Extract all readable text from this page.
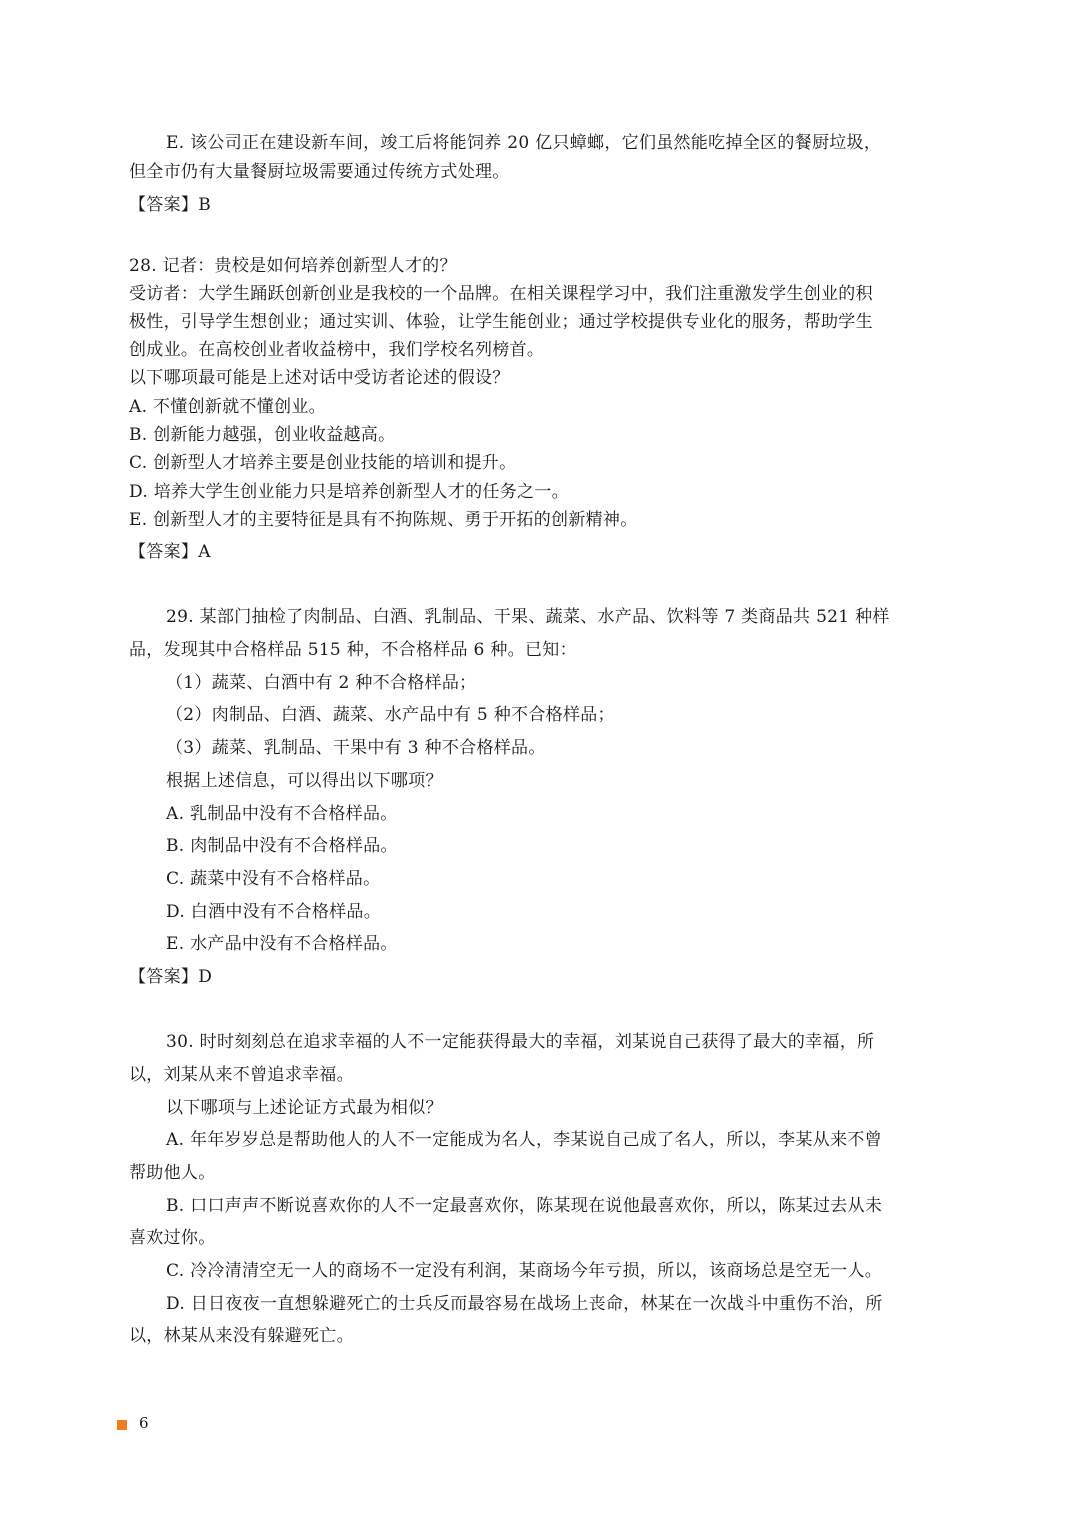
E. 该公司正在建设新车间，竣工后将能饲养 20 亿只蟑螂，它们虽然能吃掉全区的餐厨垃圾，
但全市仍有大量餐厨垃圾需要通过传统方式处理。
【答案】B
28. 记者：贵校是如何培养创新型人才的？
受访者：大学生踊跃创新创业是我校的一个品牌。在相关课程学习中，我们注重激发学生创业的积
极性，引导学生想创业；通过实训、体验，让学生能创业；通过学校提供专业化的服务，帮助学生
创成业。在高校创业者收益榜中，我们学校名列榜首。
以下哪项最可能是上述对话中受访者论述的假设？
A. 不懂创新就不懂创业。
B. 创新能力越强，创业收益越高。
C. 创新型人才培养主要是创业技能的培训和提升。
D. 培养大学生创业能力只是培养创新型人才的任务之一。
E. 创新型人才的主要特征是具有不拘陈规、勇于开拓的创新精神。
【答案】A
29. 某部门抽检了肉制品、白酒、乳制品、干果、蔬菜、水产品、饮料等 7 类商品共 521 种样
品，发现其中合格样品 515 种，不合格样品 6 种。已知：
（1）蔬菜、白酒中有 2 种不合格样品；
（2）肉制品、白酒、蔬菜、水产品中有 5 种不合格样品；
（3）蔬菜、乳制品、干果中有 3 种不合格样品。
根据上述信息，可以得出以下哪项？
A. 乳制品中没有不合格样品。
B. 肉制品中没有不合格样品。
C. 蔬菜中没有不合格样品。
D. 白酒中没有不合格样品。
E. 水产品中没有不合格样品。
【答案】D
30. 时时刻刻总在追求幸福的人不一定能获得最大的幸福，刘某说自己获得了最大的幸福，所
以，刘某从来不曾追求幸福。
以下哪项与上述论证方式最为相似？
A. 年年岁岁总是帮助他人的人不一定能成为名人，李某说自己成了名人，所以，李某从来不曾
帮助他人。
B. 口口声声不断说喜欢你的人不一定最喜欢你，陈某现在说他最喜欢你，所以，陈某过去从未
喜欢过你。
C. 冷冷清清空无一人的商场不一定没有利润，某商场今年亏损，所以，该商场总是空无一人。
D. 日日夜夜一直想躲避死亡的士兵反而最容易在战场上丧命，林某在一次战斗中重伤不治，所
以，林某从来没有躲避死亡。
6
